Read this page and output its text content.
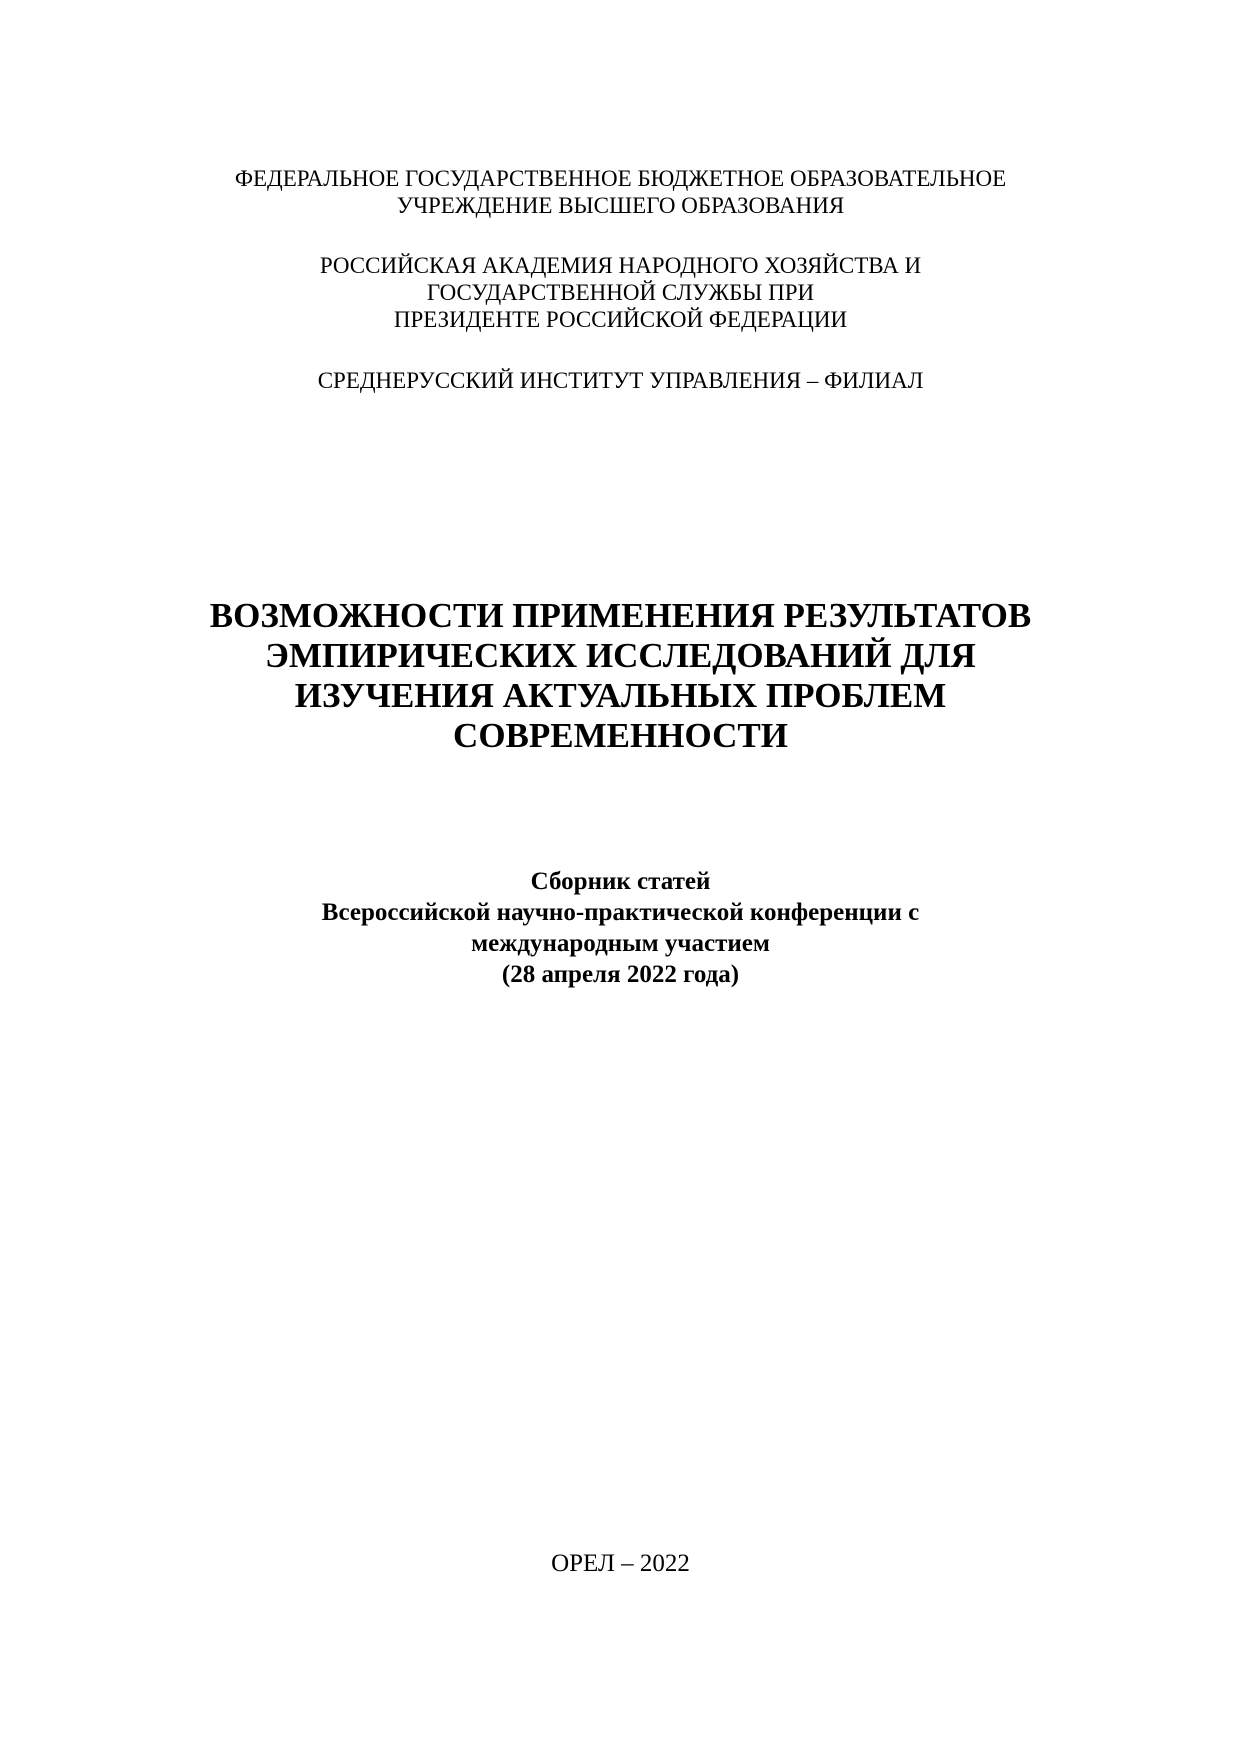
ФЕДЕРАЛЬНОЕ ГОСУДАРСТВЕННОЕ БЮДЖЕТНОЕ ОБРАЗОВАТЕЛЬНОЕ
УЧРЕЖДЕНИЕ ВЫСШЕГО ОБРАЗОВАНИЯ
РОССИЙСКАЯ АКАДЕМИЯ НАРОДНОГО ХОЗЯЙСТВА И
ГОСУДАРСТВЕННОЙ СЛУЖБЫ ПРИ
ПРЕЗИДЕНТЕ РОССИЙСКОЙ ФЕДЕРАЦИИ
СРЕДНЕРУССКИЙ ИНСТИТУТ УПРАВЛЕНИЯ – ФИЛИАЛ
ВОЗМОЖНОСТИ ПРИМЕНЕНИЯ РЕЗУЛЬТАТОВ
ЭМПИРИЧЕСКИХ ИССЛЕДОВАНИЙ ДЛЯ
ИЗУЧЕНИЯ АКТУАЛЬНЫХ ПРОБЛЕМ
СОВРЕМЕННОСТИ
Сборник статей
Всероссийской научно-практической конференции с
международным участием
(28 апреля 2022 года)
ОРЕЛ – 2022
